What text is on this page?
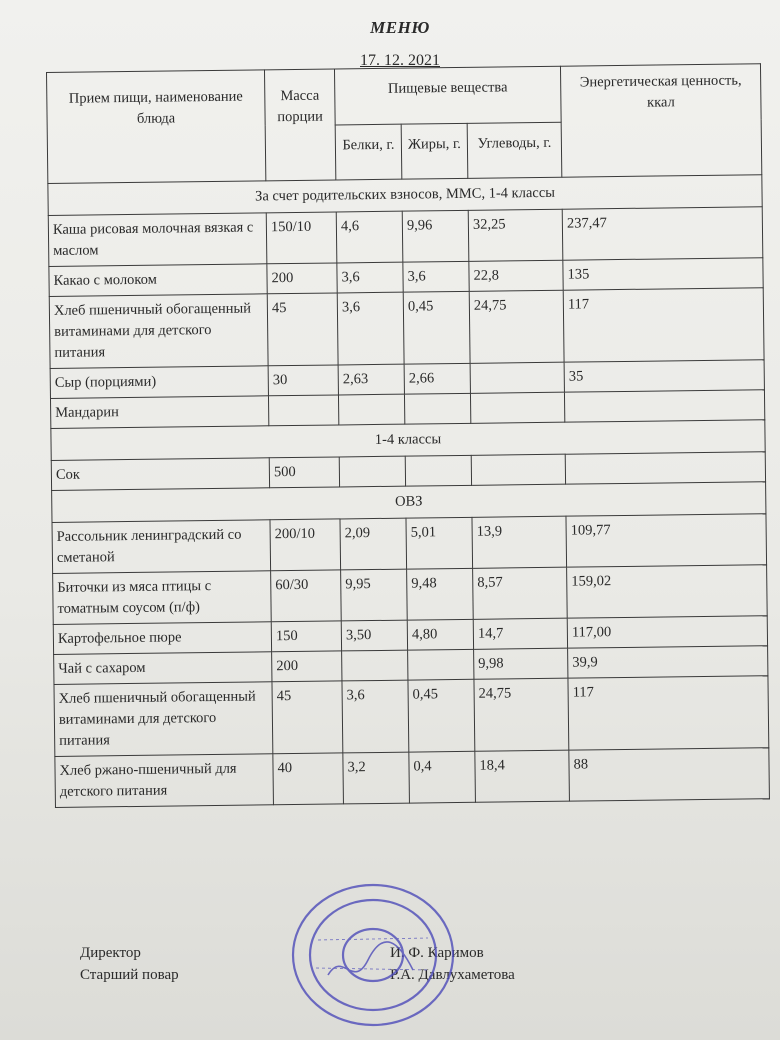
МЕНЮ
17. 12. 2021
Прием пищи, наименование блюда	Масса порции	Пищевые вещества			Энергетическая ценность, ккал
		Белки, г.	Жиры, г.	Углеводы, г.	
За счет родительских взносов, ММС, 1-4 классы					
Каша рисовая молочная вязкая с маслом	150/10	4,6	9,96	32,25	237,47
Какао с молоком	200	3,6	3,6	22,8	135
Хлеб пшеничный обогащенный витаминами для детского питания	45	3,6	0,45	24,75	117
Сыр (порциями)	30	2,63	2,66		35
Мандарин					
1-4 классы					
Сок	500				
ОВЗ					
Рассольник ленинградский со сметаной	200/10	2,09	5,01	13,9	109,77
Биточки из мяса птицы с томатным соусом (п/ф)	60/30	9,95	9,48	8,57	159,02
Картофельное пюре	150	3,50	4,80	14,7	117,00
Чай с сахаром	200			9,98	39,9
Хлеб пшеничный обогащенный витаминами для детского питания	45	3,6	0,45	24,75	117
Хлеб ржано-пшеничный для детского питания	40	3,2	0,4	18,4	88
Директор	И. Ф. Каримов
Старший повар	Р.А. Давлухаметова
